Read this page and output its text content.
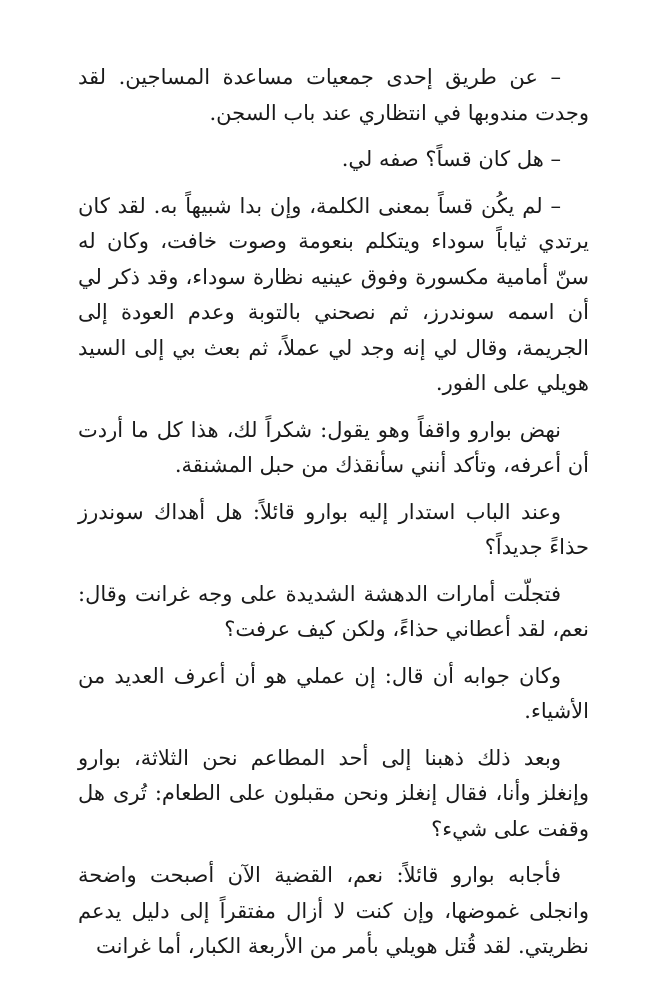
– عن طريق إحدى جمعيات مساعدة المساجين. لقد وجدت مندوبها في انتظاري عند باب السجن.

– هل كان قساً؟ صفه لي.

– لم يكُن قساً بمعنى الكلمة، وإن بدا شبيهاً به. لقد كان يرتدي ثياباً سوداء ويتكلم بنعومة وصوت خافت، وكان له سنّ أمامية مكسورة وفوق عينيه نظارة سوداء، وقد ذكر لي أن اسمه سوندرز، ثم نصحني بالتوبة وعدم العودة إلى الجريمة، وقال لي إنه وجد لي عملاً، ثم بعث بي إلى السيد هويلي على الفور.

نهض بوارو واقفاً وهو يقول: شكراً لك، هذا كل ما أردت أن أعرفه، وتأكد أنني سأنقذك من حبل المشنقة.

وعند الباب استدار إليه بوارو قائلاً: هل أهداك سوندرز حذاءً جديداً؟

فتجلّت أمارات الدهشة الشديدة على وجه غرانت وقال: نعم، لقد أعطاني حذاءً، ولكن كيف عرفت؟

وكان جوابه أن قال: إن عملي هو أن أعرف العديد من الأشياء.

وبعد ذلك ذهبنا إلى أحد المطاعم نحن الثلاثة، بوارو وإنغلز وأنا، فقال إنغلز ونحن مقبلون على الطعام: تُرى هل وقفت على شيء؟

فأجابه بوارو قائلاً: نعم، القضية الآن أصبحت واضحة وانجلى غموضها، وإن كنت لا أزال مفتقراً إلى دليل يدعم نظريتي. لقد قُتل هويلي بأمر من الأربعة الكبار، أما غرانت
